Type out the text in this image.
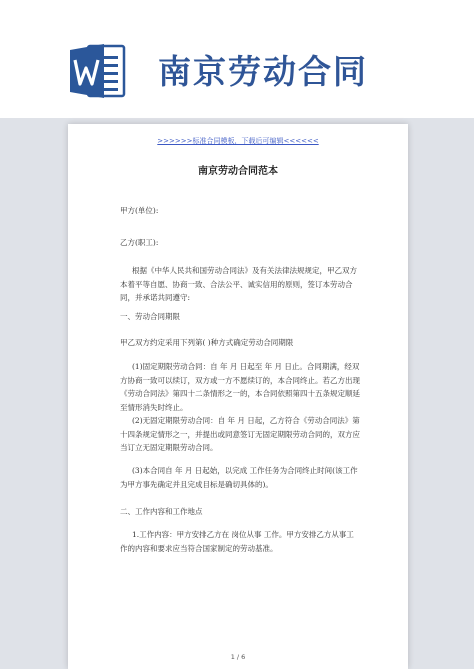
南京劳动合同
>>>>>>标准合同模板，下载后可编辑<<<<<<
南京劳动合同范本
甲方(单位):
乙方(职工):
根据《中华人民共和国劳动合同法》及有关法律法规规定，甲乙双方本着平等自愿、协商一致、合法公平、诚实信用的原则，签订本劳动合同，并承诺共同遵守:
一、劳动合同期限
甲乙双方约定采用下列第( )种方式确定劳动合同期限
(1)固定期限劳动合同：自 年 月 日起至 年 月 日止。合同期满，经双方协商一致可以续订，双方或一方不愿续订的，本合同终止。若乙方出现《劳动合同法》第四十二条情形之一的，本合同依照第四十五条规定顺延至情形消失时终止。
(2)无固定期限劳动合同：自 年 月 日起，乙方符合《劳动合同法》第十四条规定情形之一，并提出或同意签订无固定期限劳动合同的，双方应当订立无固定期限劳动合同。
(3)本合同自 年 月 日起始，以完成 工作任务为合同终止时间(该工作为甲方事先确定并且完成目标是确切具体的)。
二、工作内容和工作地点
1.工作内容：甲方安排乙方在 岗位从事 工作。甲方安排乙方从事工作的内容和要求应当符合国家制定的劳动基准。
1 / 6
